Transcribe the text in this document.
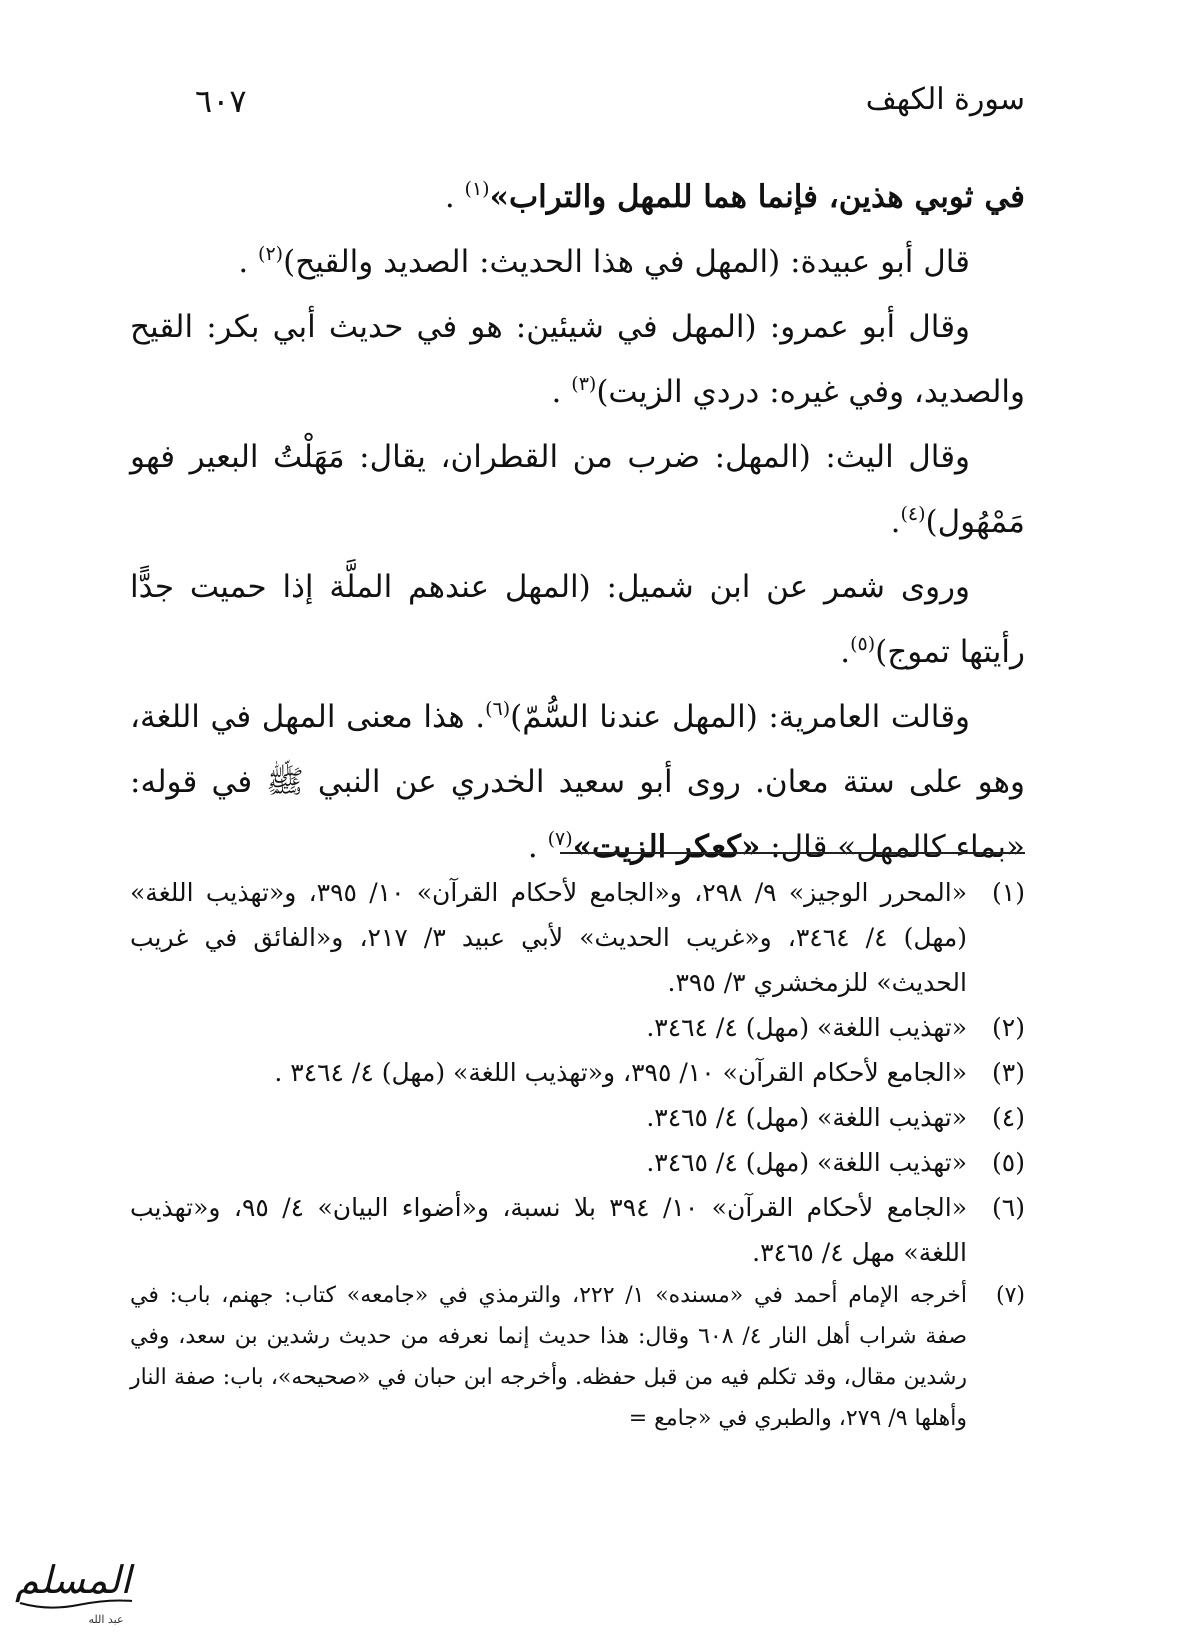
سورة الكهف
٦٠٧

في ثوبي هذين، فإنما هما للمهل والتراب»$^{(١)}$ .

قال أبو عبيدة: (المهل في هذا الحديث: الصديد والقيح)$^{(٢)}$ .

وقال أبو عمرو: (المهل في شيئين: هو في حديث أبي بكر: القيح والصديد، وفي غيره: دردي الزيت)$^{(٣)}$ .

وقال اليث: (المهل: ضرب من القطران، يقال: مَهَلْتُ البعير فهو مَمْهُول)$^{(٤)}$.

وروى شمر عن ابن شميل: (المهل عندهم الملَّة إذا حميت جدًّا رأيتها تموج)$^{(٥)}$.

وقالت العامرية: (المهل عندنا السُّمّ)$^{(٦)}$. هذا معنى المهل في اللغة، وهو على ستة معان. روى أبو سعيد الخدري عن النبي ﷺ في قوله: «بماء كالمهل» قال: «كعكر الزيت»$^{(٧)}$ .

(١)
«المحرر الوجيز» ٩/ ٢٩٨، و«الجامع لأحكام القرآن» ١٠/ ٣٩٥، و«تهذيب اللغة» (مهل) ٤/ ٣٤٦٤، و«غريب الحديث» لأبي عبيد ٣/ ٢١٧، و«الفائق في غريب الحديث» للزمخشري ٣/ ٣٩٥.
(٢)
«تهذيب اللغة» (مهل) ٤/ ٣٤٦٤.
(٣)
«الجامع لأحكام القرآن» ١٠/ ٣٩٥، و«تهذيب اللغة» (مهل) ٤/ ٣٤٦٤ .
(٤)
«تهذيب اللغة» (مهل) ٤/ ٣٤٦٥.
(٥)
«تهذيب اللغة» (مهل) ٤/ ٣٤٦٥.
(٦)
«الجامع لأحكام القرآن» ١٠/ ٣٩٤ بلا نسبة، و«أضواء البيان» ٤/ ٩٥، و«تهذيب اللغة» مهل ٤/ ٣٤٦٥.
(٧)
أخرجه الإمام أحمد في «مسنده» ١/ ٢٢٢، والترمذي في «جامعه» كتاب: جهنم، باب: في صفة شراب أهل النار ٤/ ٦٠٨ وقال: هذا حديث إنما نعرفه من حديث رشدين بن سعد، وفي رشدين مقال، وقد تكلم فيه من قبل حفظه. وأخرجه ابن حبان في «صحيحه»، باب: صفة النار وأهلها ٩/ ٢٧٩، والطبري في «جامع =
المسلم
عبد الله
